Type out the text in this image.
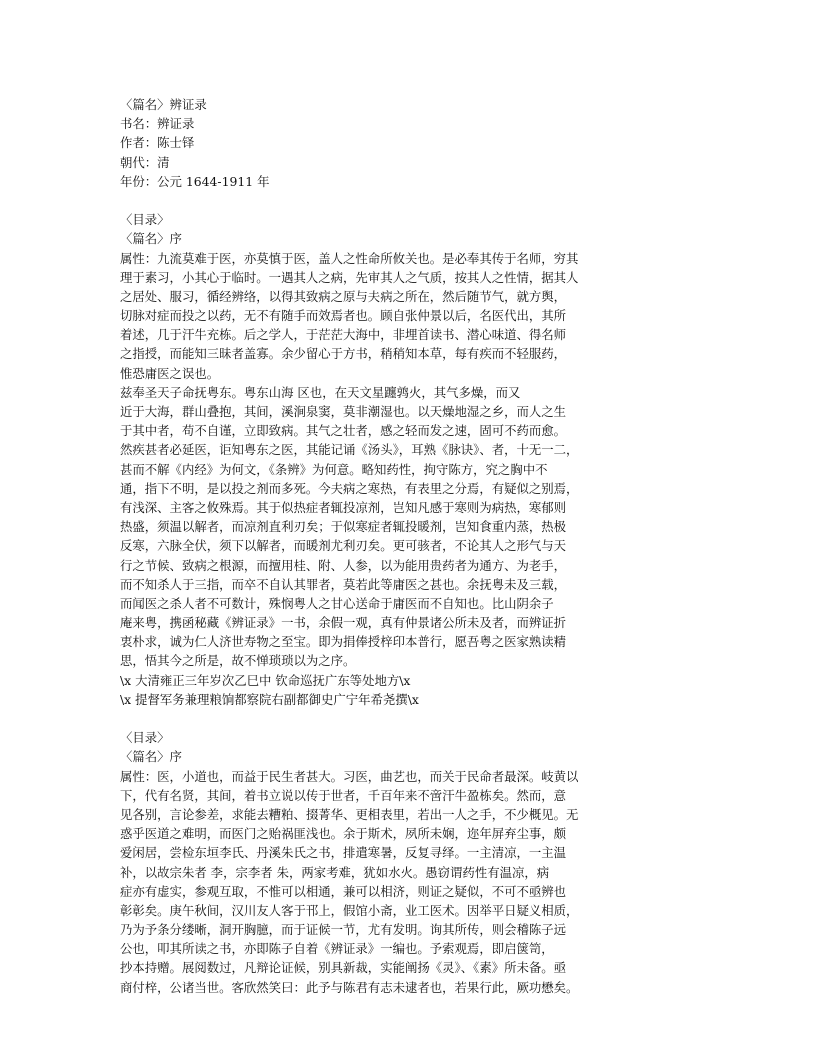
〈篇名〉辨证录
书名：辨证录
作者：陈士铎
朝代：清
年份：公元 1644-1911 年
〈目录〉
〈篇名〉序
属性：九流莫难于医，亦莫慎于医，盖人之性命所攸关也。是必奉其传于名师，穷其
理于素习，小其心于临时。一遇其人之病，先审其人之气质，按其人之性情，据其人
之居处、服习，循经辨络，以得其致病之原与夫病之所在，然后随节气，就方舆，
切脉对症而投之以药，无不有随手而效焉者也。顾自张仲景以后，名医代出，其所
着述，几于汗牛充栋。后之学人，于茫茫大海中，非埋首读书、潜心味道、得名师
之指授，而能知三昧者盖寡。余少留心于方书，稍稍知本草，每有疾而不轻服药，
惟恐庸医之误也。
兹奉圣天子命抚粤东。粤东山海 区也，在天文星躔鹑火，其气多燥，而又
近于大海，群山叠抱，其间，溪涧泉窦，莫非潮湿也。以天燥地湿之乡，而人之生
于其中者，苟不自谨，立即致病。其气之壮者，感之轻而发之速，固可不药而愈。
然疾甚者必延医，讵知粤东之医，其能记诵《汤头》，耳熟《脉诀》、者，十无一二，
甚而不解《内经》为何文，《条辨》为何意。略知药性，拘守陈方，究之胸中不
通，指下不明，是以投之剂而多死。今夫病之寒热，有表里之分焉，有疑似之别焉，
有浅深、主客之攸殊焉。其于似热症者辄投凉剂，岂知凡感于寒则为病热，寒郁则
热盛，须温以解者，而凉剂直利刃矣；于似寒症者辄投暖剂，岂知食重内蒸，热极
反寒，六脉全伏，须下以解者，而暖剂尤利刃矣。更可骇者，不论其人之形气与天
行之节候、致病之根源，而擅用桂、附、人参，以为能用贵药者为通方、为老手，
而不知杀人于三指，而卒不自认其罪者，莫若此等庸医之甚也。余抚粤未及三载，
而闻医之杀人者不可数计，殊悯粤人之甘心送命于庸医而不自知也。比山阴余子
庵来粤，携函秘藏《辨证录》一书，余假一观，真有仲景诸公所未及者，而辨证折
衷朴求，诚为仁人济世寿物之至宝。即为捐俸授梓印本普行，愿吾粤之医家熟读精
思，悟其今之所是，故不惮琐琐以为之序。
\x 大清雍正三年岁次乙巳中 钦命巡抚广东等处地方\x
\x 提督军务兼理粮饷都察院右副都御史广宁年希尧撰\x
〈目录〉
〈篇名〉序
属性：医，小道也，而益于民生者甚大。习医，曲艺也，而关于民命者最深。岐黄以
下，代有名贤，其间，着书立说以传于世者，千百年来不啻汗牛盈栋矣。然而，意
见各别，言论参差，求能去糟粕、掇菁华、更相表里，若出一人之手，不少概见。无
惑乎医道之难明，而医门之贻祸匪浅也。余于斯术，夙所未娴，迩年屏弃尘事，颇
爱闲居，尝检东垣李氏、丹溪朱氏之书，排遣寒暑，反复寻绎。一主清凉，一主温
补，以故宗朱者 李，宗李者 朱，两家考难，犹如水火。愚窃谓药性有温凉，病
症亦有虚实，参观互取，不惟可以相通，兼可以相济，则证之疑似，不可不亟辨也
彰彰矣。庚午秋间，汉川友人客于邗上，假馆小斋，业工医术。因举平日疑义相质，
乃为予条分缕晰，洞开胸臆，而于证候一节，尤有发明。询其所传，则会稽陈子远
公也，叩其所读之书，亦即陈子自着《辨证录》一编也。予索观焉，即启箧笥，
抄本持赠。展阅数过，凡辩论证候，别具新裁，实能阐扬《灵》、《素》所未备。亟
商付梓，公诸当世。客欣然笑曰：此予与陈君有志未逮者也，若果行此，厥功懋矣。
